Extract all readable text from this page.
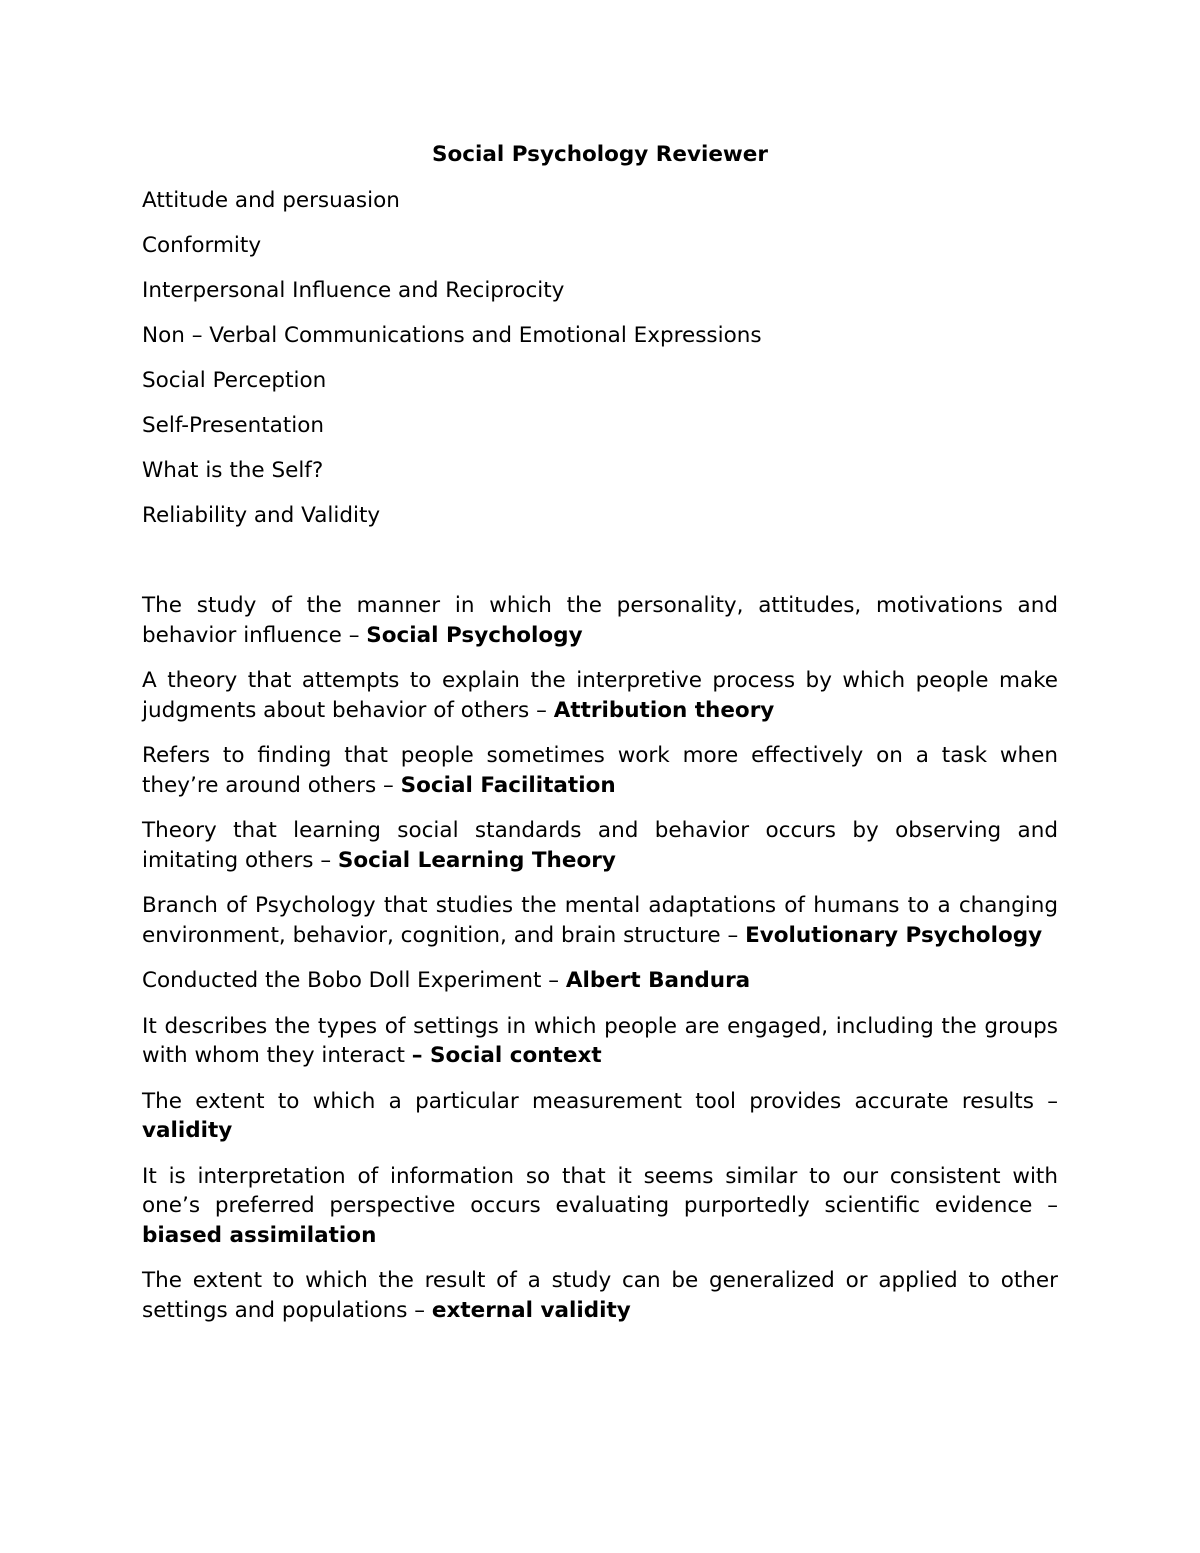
Social Psychology Reviewer
Attitude and persuasion
Conformity
Interpersonal Influence and Reciprocity
Non – Verbal Communications and Emotional Expressions
Social Perception
Self-Presentation
What is the Self?
Reliability and Validity

The study of the manner in which the personality, attitudes, motivations and behavior influence – Social Psychology

A theory that attempts to explain the interpretive process by which people make judgments about behavior of others – Attribution theory

Refers to finding that people sometimes work more effectively on a task when they’re around others – Social Facilitation

Theory that learning social standards and behavior occurs by observing and imitating others – Social Learning Theory

Branch of Psychology that studies the mental adaptations of humans to a changing environment, behavior, cognition, and brain structure – Evolutionary Psychology

Conducted the Bobo Doll Experiment – Albert Bandura

It describes the types of settings in which people are engaged, including the groups with whom they interact – Social context

The extent to which a particular measurement tool provides accurate results – validity

It is interpretation of information so that it seems similar to our consistent with one’s preferred perspective occurs evaluating purportedly scientific evidence – biased assimilation

The extent to which the result of a study can be generalized or applied to other settings and populations – external validity
